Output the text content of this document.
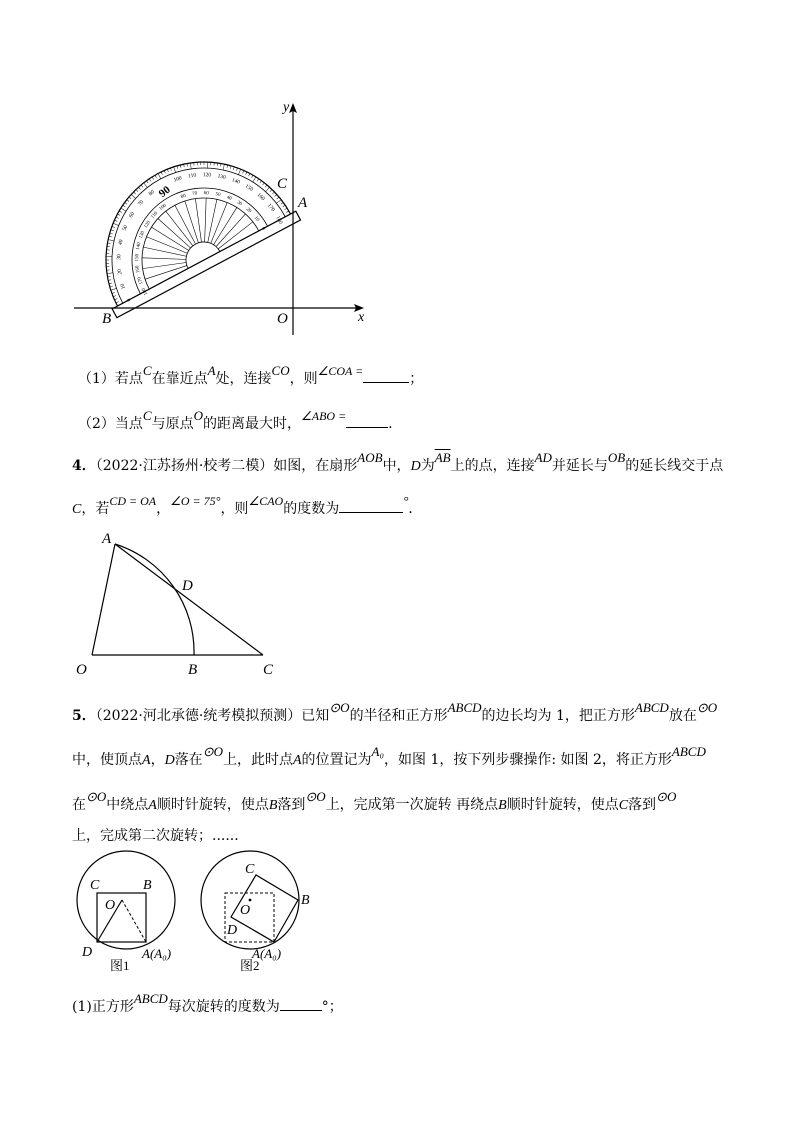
y
x
0
10
20
30
40
50
60
70
80
100 110 120 130 140
150
160
170
180
180
170
160
150
140
130
120
110
100
80 70 60 50
40
30
20
10
0
90	C
A
B	O
（1）若点C在靠近点A处，连接CO，则∠COA =	；
（2）当点C与原点O的距离最大时，∠ABO =	.
4．（2022·江苏扬州·校考二模）如图，在扇形AOB中，D为$\overline{AB}$上的点，连接AD并延长与OB的延长线交于点
C，若CD = OA，∠O = 75°，则∠CAO的度数为°．
A
D
O	B	C
5．（2022·河北承德·统考模拟预测）已知⊙O的半径和正方形ABCD的边长均为 1，把正方形ABCD放在⊙O
中，使顶点A，D落在⊙O上，此时点A的位置记为A₀，如图 1，按下列步骤操作: 如图 2，将正方形ABCD
在⊙O中绕点A顺时针旋转，使点B落到⊙O上，完成第一次旋转 再绕点B顺时针旋转，使点C落到⊙O
上，完成第二次旋转；......
C	B
O
D	A(A₀)
图1
C
B
O
D
A(A₀)
图2
(1)正方形ABCD每次旋转的度数为	°；
